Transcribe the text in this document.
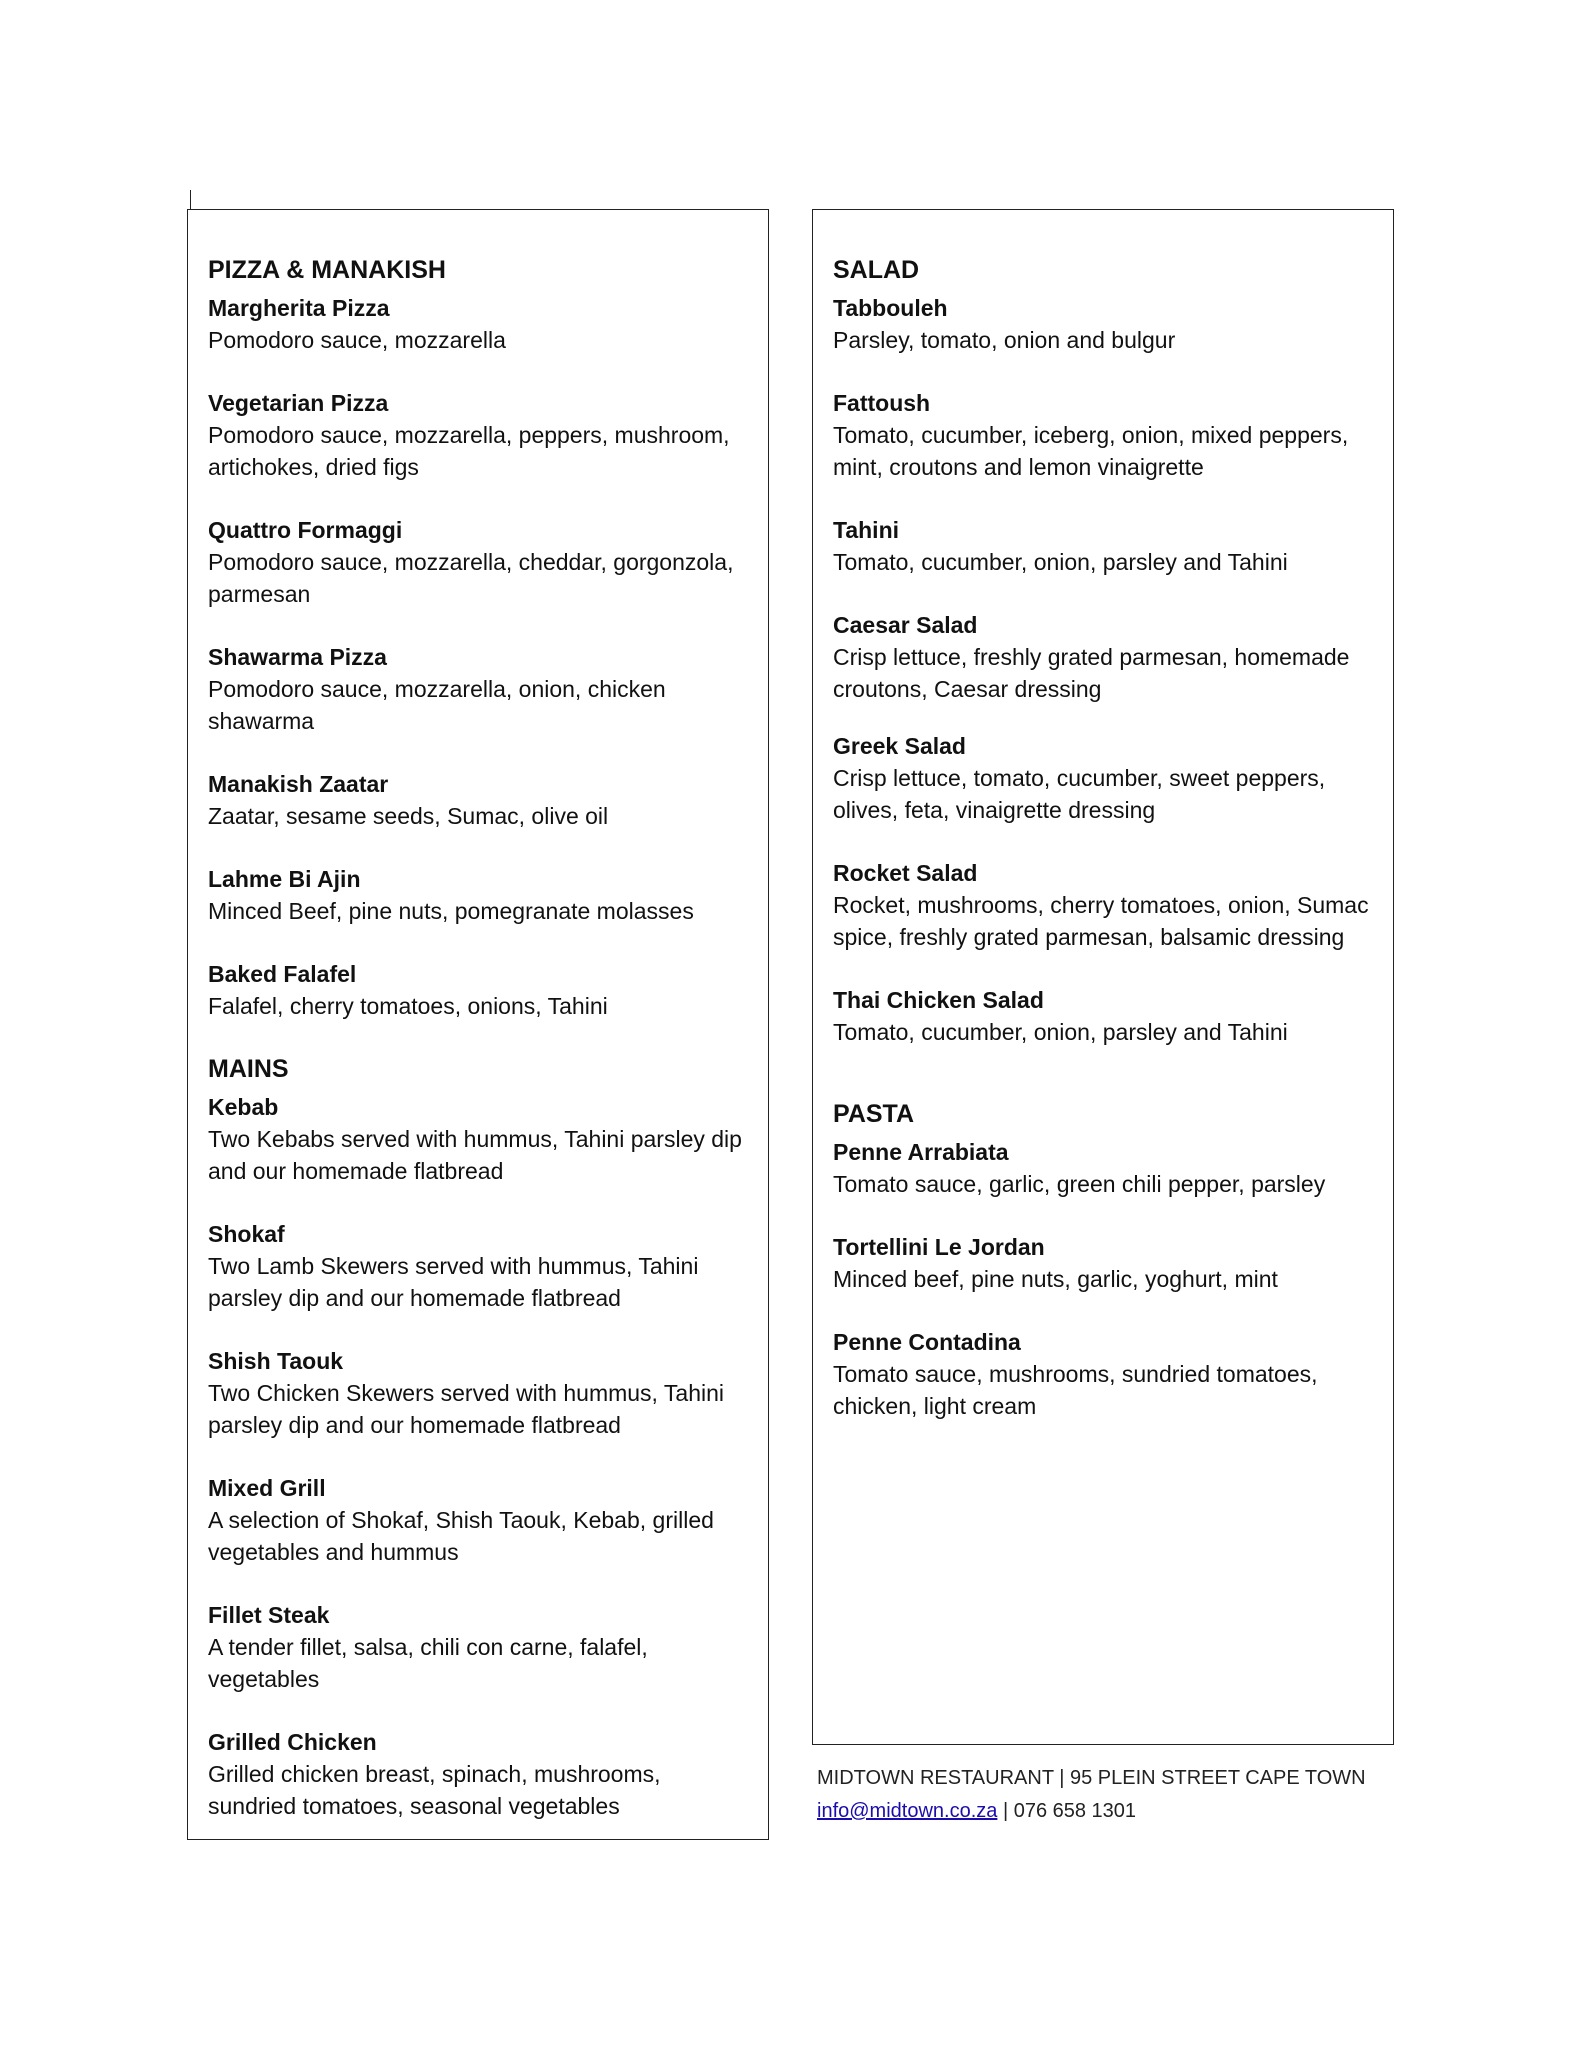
PIZZA & MANAKISH
Margherita Pizza
Pomodoro sauce, mozzarella
Vegetarian Pizza
Pomodoro sauce, mozzarella, peppers, mushroom, artichokes, dried figs
Quattro Formaggi
Pomodoro sauce, mozzarella, cheddar, gorgonzola, parmesan
Shawarma Pizza
Pomodoro sauce, mozzarella, onion, chicken shawarma
Manakish Zaatar
Zaatar, sesame seeds, Sumac, olive oil
Lahme Bi Ajin
Minced Beef, pine nuts, pomegranate molasses
Baked Falafel
Falafel, cherry tomatoes, onions, Tahini
MAINS
Kebab
Two Kebabs served with hummus, Tahini parsley dip and our homemade flatbread
Shokaf
Two Lamb Skewers served with hummus, Tahini parsley dip and our homemade flatbread
Shish Taouk
Two Chicken Skewers served with hummus, Tahini parsley dip and our homemade flatbread
Mixed Grill
A selection of Shokaf, Shish Taouk, Kebab, grilled vegetables and hummus
Fillet Steak
A tender fillet, salsa, chili con carne, falafel, vegetables
Grilled Chicken
Grilled chicken breast, spinach, mushrooms, sundried tomatoes, seasonal vegetables
SALAD
Tabbouleh
Parsley, tomato, onion and bulgur
Fattoush
Tomato, cucumber, iceberg, onion, mixed peppers, mint, croutons and lemon vinaigrette
Tahini
Tomato, cucumber, onion, parsley and Tahini
Caesar Salad
Crisp lettuce, freshly grated parmesan, homemade croutons, Caesar dressing
Greek Salad
Crisp lettuce, tomato, cucumber, sweet peppers, olives, feta, vinaigrette dressing
Rocket Salad
Rocket, mushrooms, cherry tomatoes, onion, Sumac spice, freshly grated parmesan, balsamic dressing
Thai Chicken Salad
Tomato, cucumber, onion, parsley and Tahini
PASTA
Penne Arrabiata
Tomato sauce, garlic, green chili pepper, parsley
Tortellini Le Jordan
Minced beef, pine nuts, garlic, yoghurt, mint
Penne Contadina
Tomato sauce, mushrooms, sundried tomatoes, chicken, light cream
MIDTOWN RESTAURANT | 95 PLEIN STREET CAPE TOWN
info@midtown.co.za | 076 658 1301
